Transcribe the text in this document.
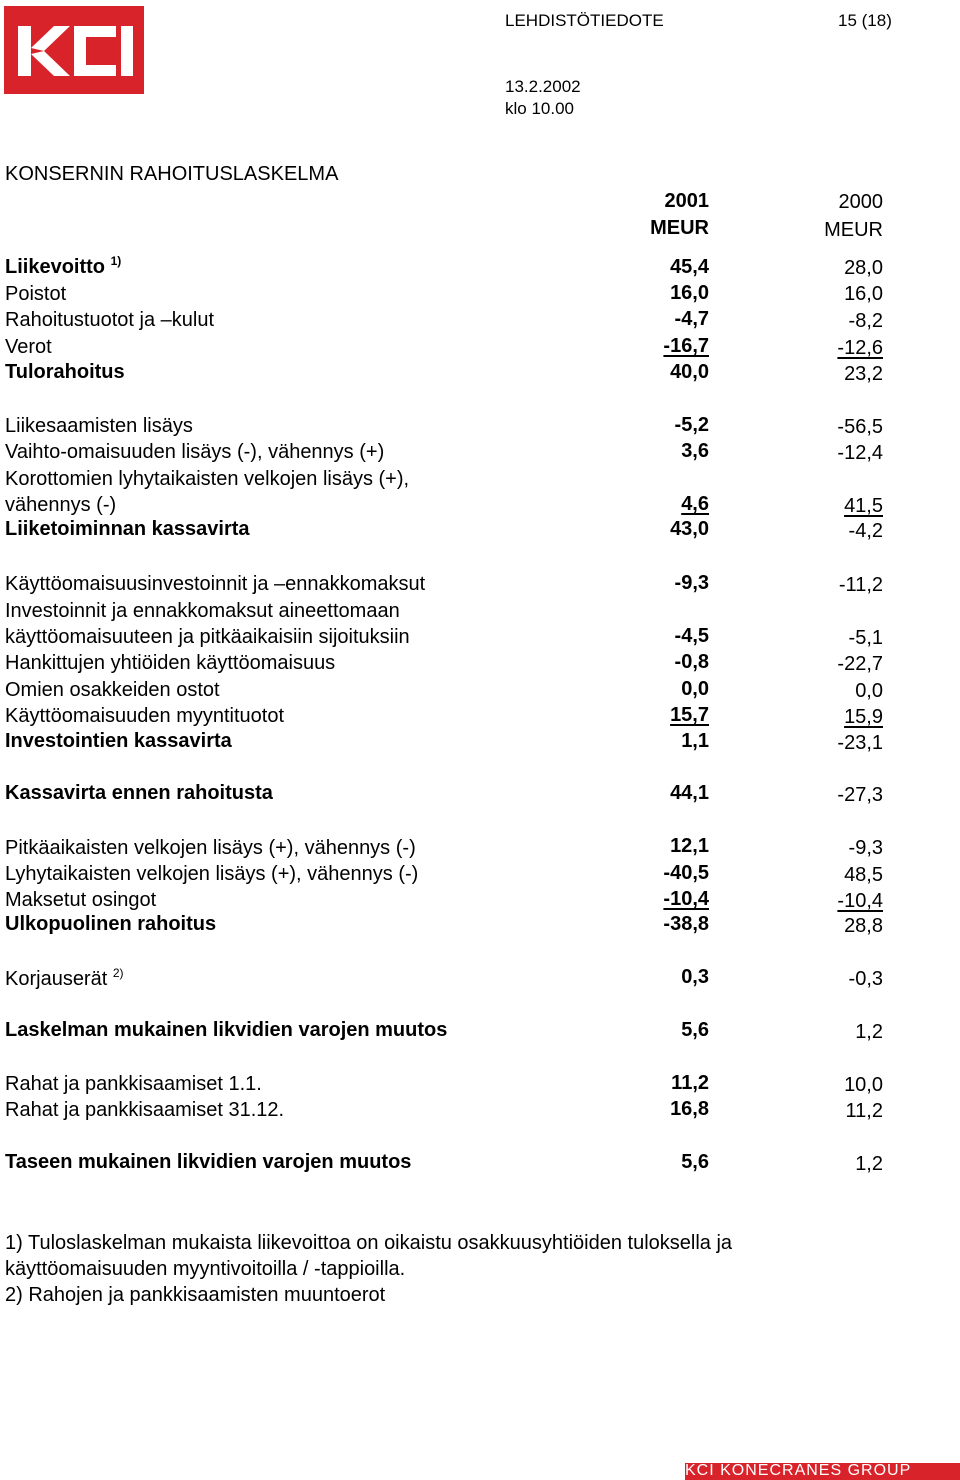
LEHDISTÖTIEDOTE	15 (18)
13.2.2002
klo 10.00
KONSERNIN RAHOITUSLASKELMA
2001
MEUR
2000
MEUR
Liikevoitto $^{1)}$	45,4	28,0
Poistot	16,0	16,0
Rahoitustuotot ja –kulut	-4,7	-8,2
Verot	-16,7	-12,6
Tulorahoitus	40,0	23,2
Liikesaamisten lisäys	-5,2	-56,5
Vaihto-omaisuuden lisäys (-), vähennys (+)	3,6	-12,4
Korottomien lyhytaikaisten velkojen lisäys (+),
vähennys (-)	4,6	41,5
Liiketoiminnan kassavirta	43,0	-4,2
Käyttöomaisuusinvestoinnit ja –ennakkomaksut	-9,3	-11,2
Investoinnit ja ennakkomaksut aineettomaan
käyttöomaisuuteen ja pitkäaikaisiin sijoituksiin	-4,5	-5,1
Hankittujen yhtiöiden käyttöomaisuus	-0,8	-22,7
Omien osakkeiden ostot	0,0	0,0
Käyttöomaisuuden myyntituotot	15,7	15,9
Investointien kassavirta	1,1	-23,1
Kassavirta ennen rahoitusta	44,1	-27,3
Pitkäaikaisten velkojen lisäys (+), vähennys (-)	12,1	-9,3
Lyhytaikaisten velkojen lisäys (+), vähennys (-)	-40,5	48,5
Maksetut osingot	-10,4	-10,4
Ulkopuolinen rahoitus	-38,8	28,8
Korjauserät $^{2)}$	0,3	-0,3
Laskelman mukainen likvidien varojen muutos	5,6	1,2
Rahat ja pankkisaamiset 1.1.	11,2	10,0
Rahat ja pankkisaamiset 31.12.	16,8	11,2
Taseen mukainen likvidien varojen muutos	5,6	1,2
1) Tuloslaskelman mukaista liikevoittoa on oikaistu osakkuusyhtiöiden tuloksella ja
käyttöomaisuuden myyntivoitoilla / -tappioilla.
2) Rahojen ja pankkisaamisten muuntoerot
KCI KONECRANES GROUP
